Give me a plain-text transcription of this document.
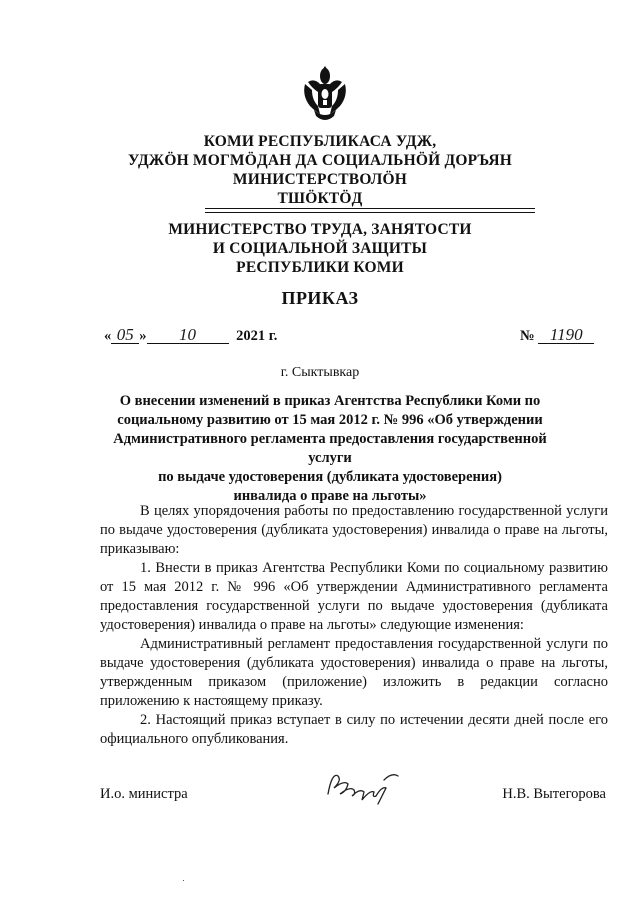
КОМИ РЕСПУБЛИКАСА УДЖ,
УДЖӦН МОГМӦДАН ДА СОЦИАЛЬНӦЙ ДОРЪЯН
МИНИСТЕРСТВОЛӦН
ТШӦКТӦД
МИНИСТЕРСТВО ТРУДА, ЗАНЯТОСТИ
И СОЦИАЛЬНОЙ ЗАЩИТЫ
РЕСПУБЛИКИ КОМИ
ПРИКАЗ
« 05 » 10	2021 г.	№ 1190
г. Сыктывкар
О внесении изменений в приказ Агентства Республики Коми по
социальному развитию от 15 мая 2012 г. № 996 «Об утверждении
Административного регламента предоставления государственной услуги
по выдаче удостоверения (дубликата удостоверения)
инвалида о праве на льготы»

В целях упорядочения работы по предоставлению государственной услуги по выдаче удостоверения (дубликата удостоверения) инвалида о праве на льготы, приказываю:

1. Внести в приказ Агентства Республики Коми по социальному развитию от 15 мая 2012 г. № 996 «Об утверждении Административного регламента предоставления государственной услуги по выдаче удостоверения (дубликата удостоверения) инвалида о праве на льготы» следующие изменения:

Административный регламент предоставления государственной услуги по выдаче удостоверения (дубликата удостоверения) инвалида о праве на льготы, утвержденным приказом (приложение) изложить в редакции согласно приложению к настоящему приказу.

2. Настоящий приказ вступает в силу по истечении десяти дней после его официального опубликования.

И.о. министра	Н.В. Вытегорова
